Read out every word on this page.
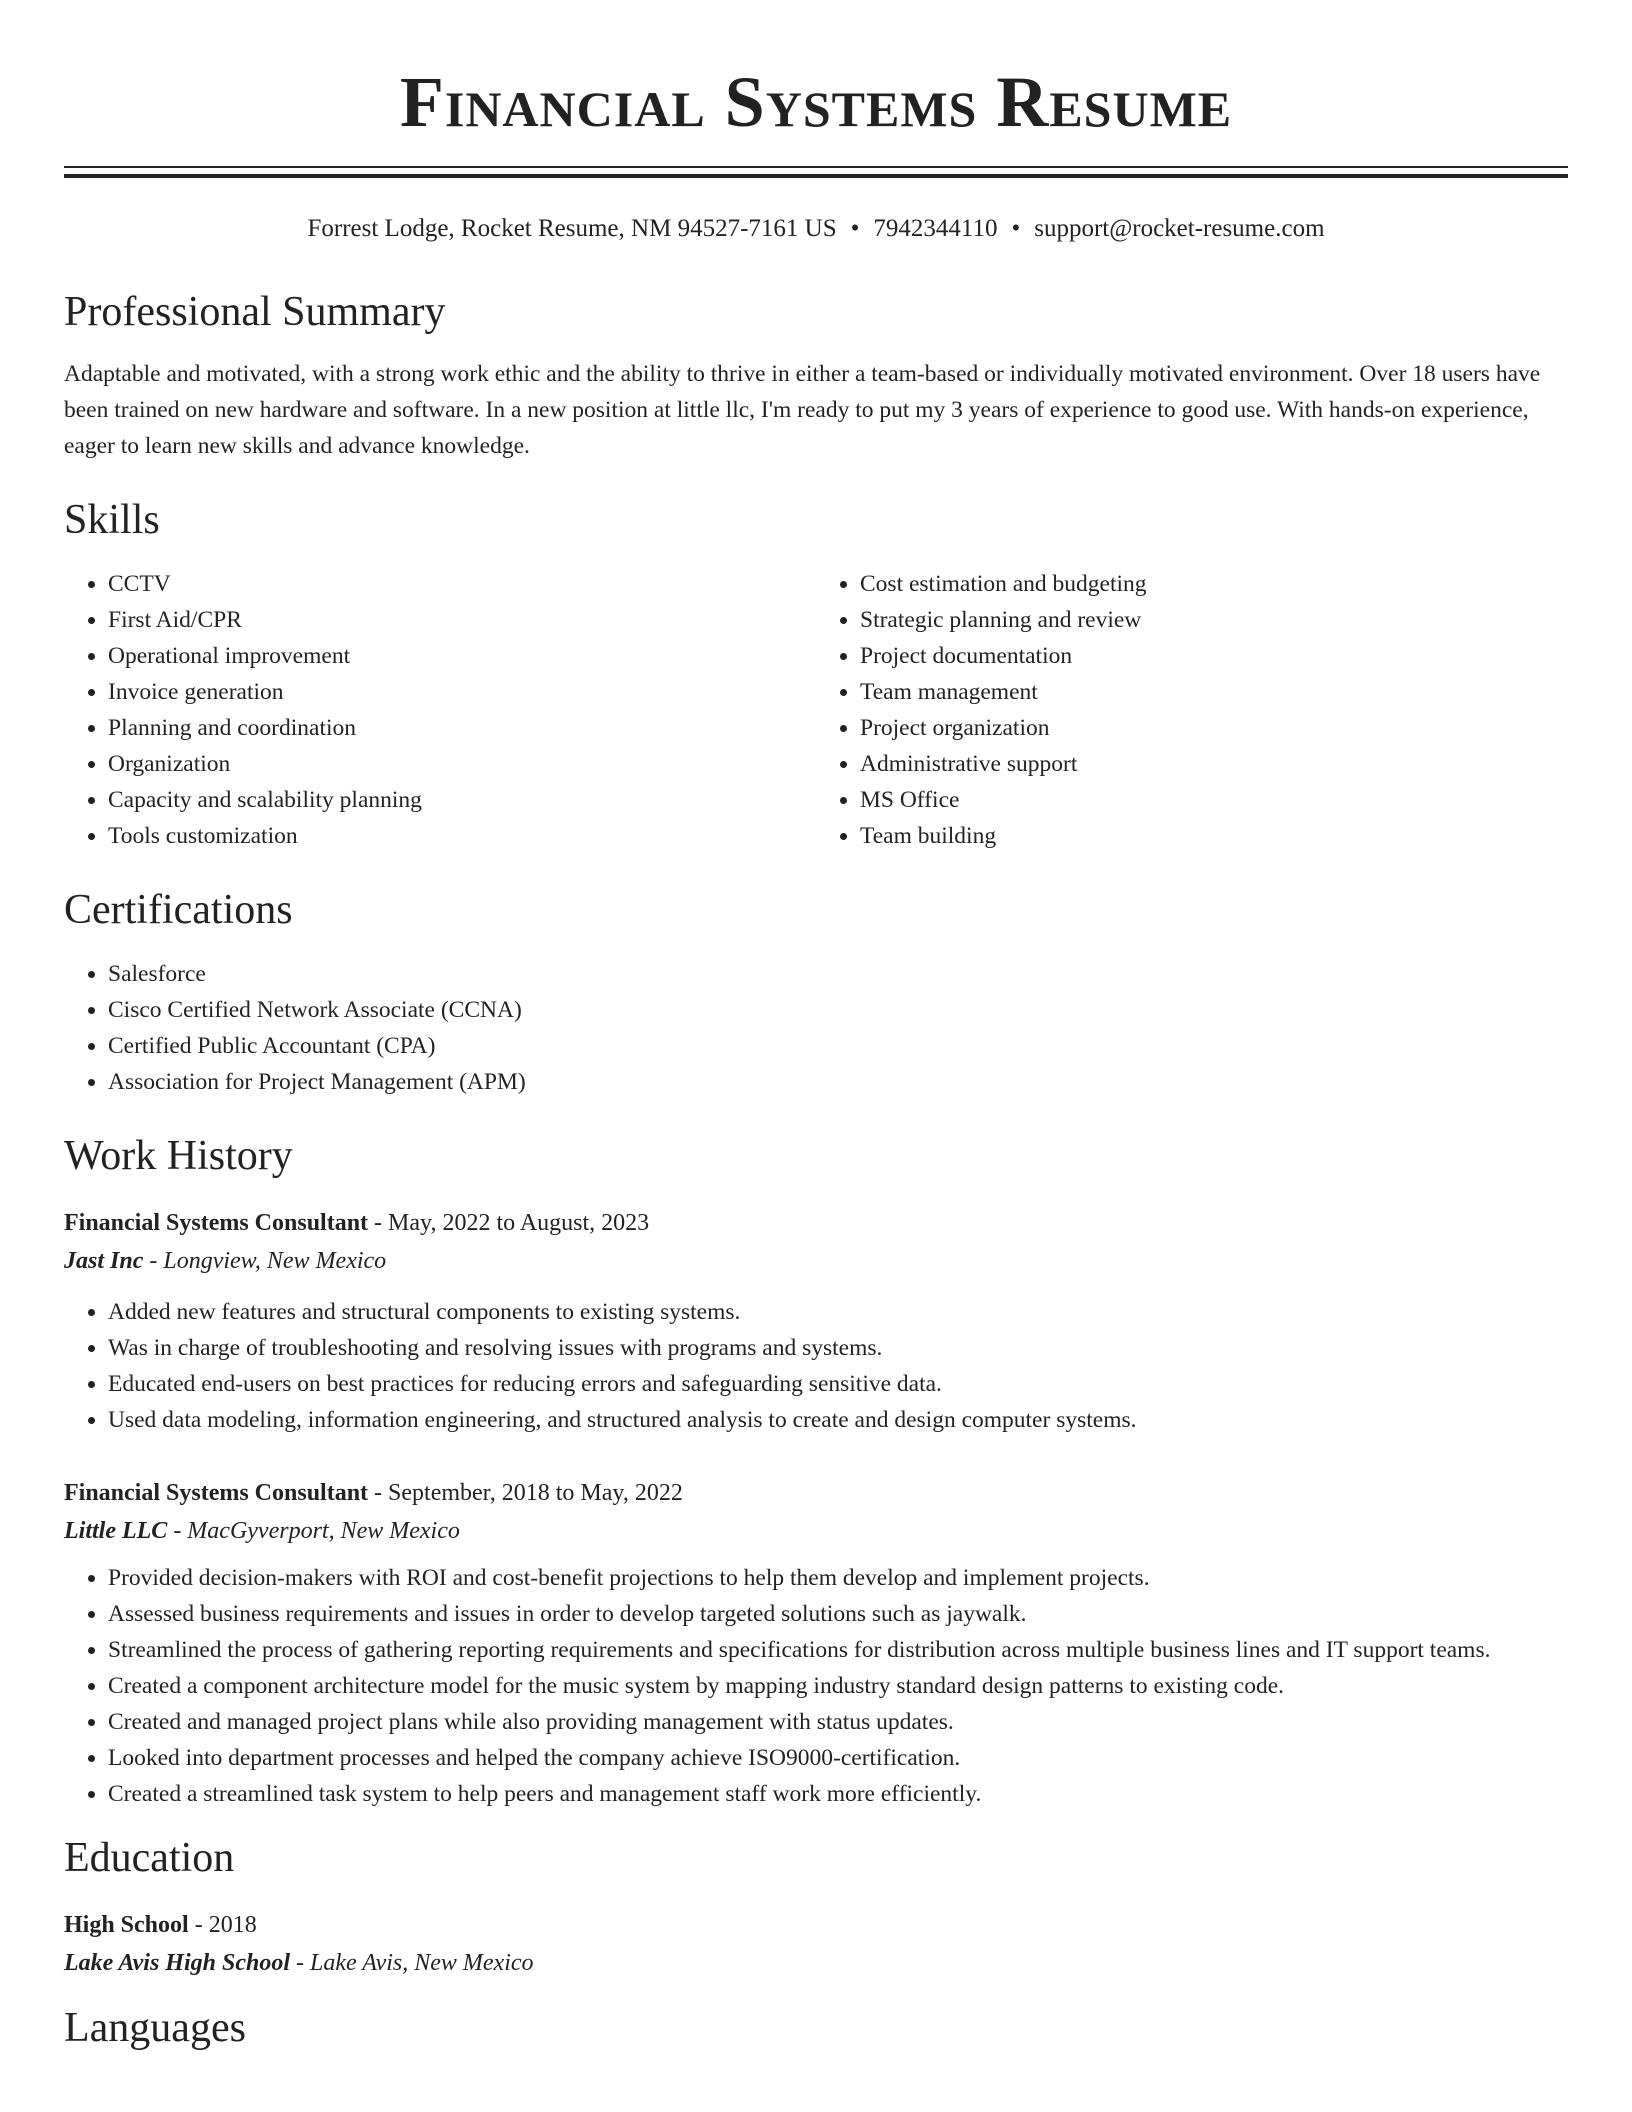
Financial Systems Resume
Forrest Lodge, Rocket Resume, NM 94527-7161 US • 7942344110 • support@rocket-resume.com
Professional Summary
Adaptable and motivated, with a strong work ethic and the ability to thrive in either a team-based or individually motivated environment. Over 18 users have been trained on new hardware and software. In a new position at little llc, I'm ready to put my 3 years of experience to good use. With hands-on experience, eager to learn new skills and advance knowledge.
Skills
• CCTV
• First Aid/CPR
• Operational improvement
• Invoice generation
• Planning and coordination
• Organization
• Capacity and scalability planning
• Tools customization
• Cost estimation and budgeting
• Strategic planning and review
• Project documentation
• Team management
• Project organization
• Administrative support
• MS Office
• Team building
Certifications
• Salesforce
• Cisco Certified Network Associate (CCNA)
• Certified Public Accountant (CPA)
• Association for Project Management (APM)
Work History
Financial Systems Consultant - May, 2022 to August, 2023
Jast Inc - Longview, New Mexico
• Added new features and structural components to existing systems.
• Was in charge of troubleshooting and resolving issues with programs and systems.
• Educated end-users on best practices for reducing errors and safeguarding sensitive data.
• Used data modeling, information engineering, and structured analysis to create and design computer systems.
Financial Systems Consultant - September, 2018 to May, 2022
Little LLC - MacGyverport, New Mexico
• Provided decision-makers with ROI and cost-benefit projections to help them develop and implement projects.
• Assessed business requirements and issues in order to develop targeted solutions such as jaywalk.
• Streamlined the process of gathering reporting requirements and specifications for distribution across multiple business lines and IT support teams.
• Created a component architecture model for the music system by mapping industry standard design patterns to existing code.
• Created and managed project plans while also providing management with status updates.
• Looked into department processes and helped the company achieve ISO9000-certification.
• Created a streamlined task system to help peers and management staff work more efficiently.
Education
High School - 2018
Lake Avis High School - Lake Avis, New Mexico
Languages
